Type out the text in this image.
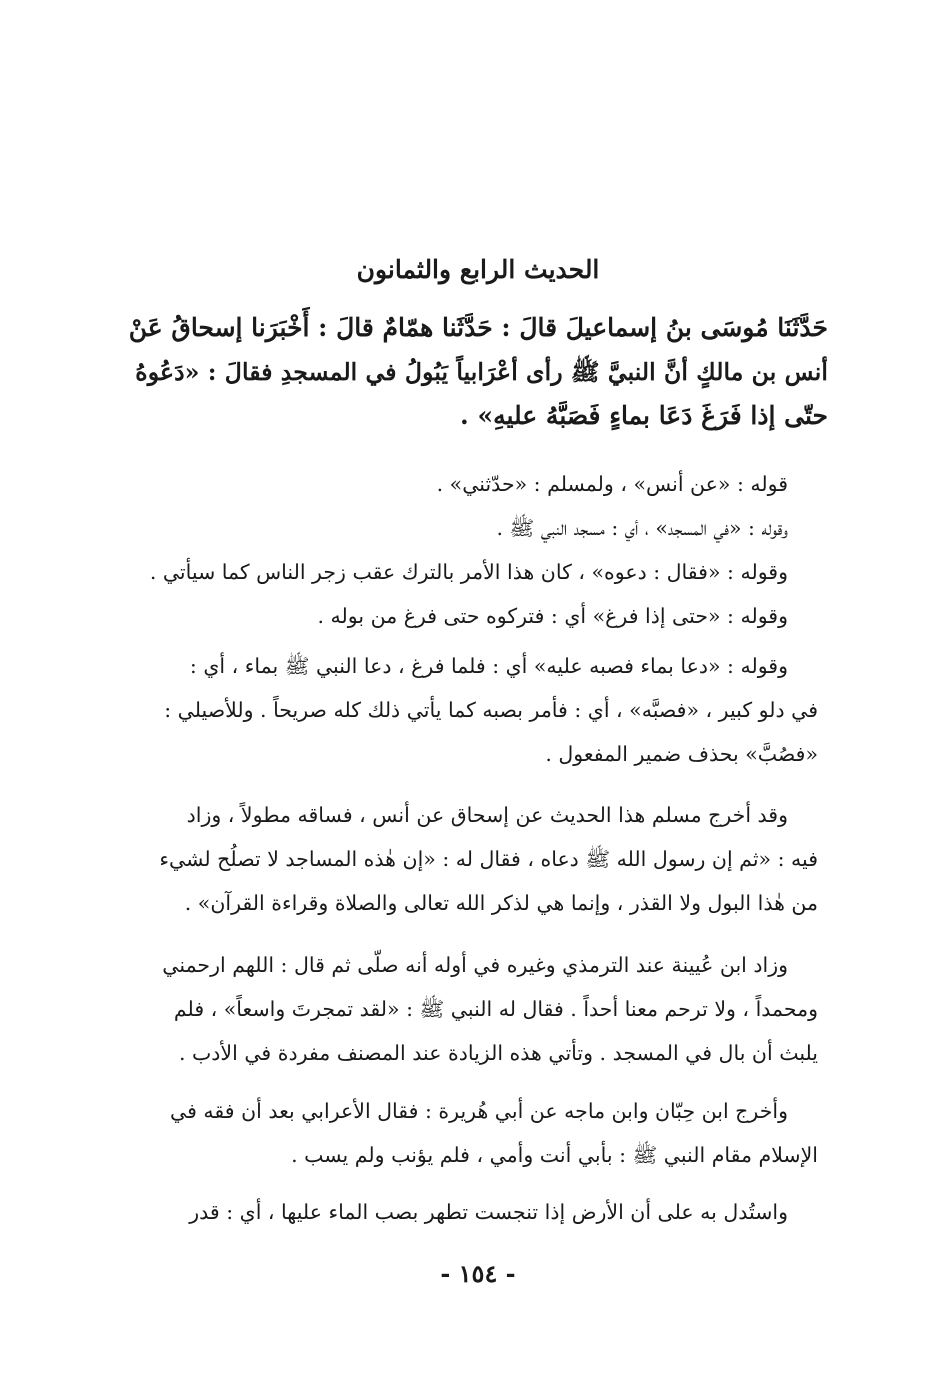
الحديث الرابع والثمانون
حَدَّثَنَا مُوسَى بنُ إسماعيلَ قالَ : حَدَّثَنا همّامٌ قالَ : أَخْبَرَنا إسحاقُ عَنْ
أنس بن مالكٍ أنَّ النبيَّ ﷺ رأى أعْرَابياً يَبُولُ في المسجدِ فقالَ : «دَعُوهُ
حتّى إذا فَرَغَ دَعَا بماءٍ فَصَبَّهُ عليهِ» .
قوله : «عن أنس» ، ولمسلم : «حدّثني» .
وقوله : «في المسجد» ، أي : مسجد النبي ﷺ .
وقوله : «فقال : دعوه» ، كان هذا الأمر بالترك عقب زجر الناس كما سيأتي .
وقوله : «حتى إذا فرغ» أي : فتركوه حتى فرغ من بوله .
وقوله : «دعا بماء فصبه عليه» أي : فلما فرغ ، دعا النبي ﷺ بماء ، أي :
في دلو كبير ، «فصبَّه» ، أي : فأمر بصبه كما يأتي ذلك كله صريحاً . وللأصيلي :
«فصُبَّ» بحذف ضمير المفعول .
وقد أخرج مسلم هذا الحديث عن إسحاق عن أنس ، فساقه مطولاً ، وزاد
فيه : «ثم إن رسول الله ﷺ دعاه ، فقال له : «إن هٰذه المساجد لا تصلُح لشيء
من هٰذا البول ولا القذر ، وإنما هي لذكر الله تعالى والصلاة وقراءة القرآن» .
وزاد ابن عُيينة عند الترمذي وغيره في أوله أنه صلّى ثم قال : اللهم ارحمني
ومحمداً ، ولا ترحم معنا أحداً . فقال له النبي ﷺ : «لقد تمجرتَ واسعاً» ، فلم
يلبث أن بال في المسجد . وتأتي هذه الزيادة عند المصنف مفردة في الأدب .
وأخرج ابن حِبّان وابن ماجه عن أبي هُريرة : فقال الأعرابي بعد أن فقه في
الإسلام مقام النبي ﷺ : بأبي أنت وأمي ، فلم يؤنب ولم يسب .
واستُدل به على أن الأرض إذا تنجست تطهر بصب الماء عليها ، أي : قدر
- ١٥٤ -
